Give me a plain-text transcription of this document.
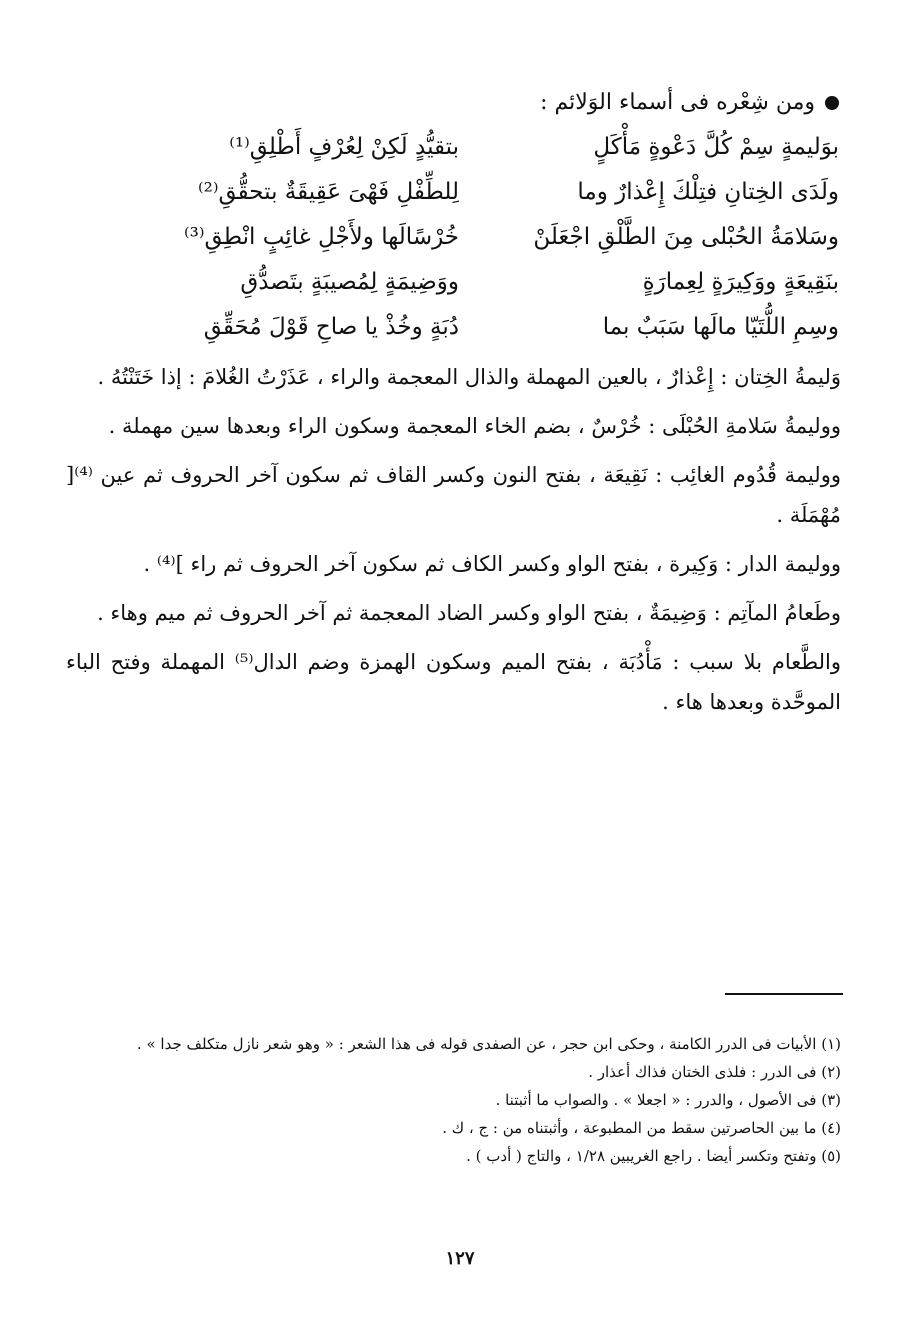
ومن شِعْره فى أسماء الوَلائم :
بوَليمةٍ سِمْ كُلَّ دَعْوةٍ مَأْكَلٍ
بتقيُّدٍ لَكِنْ لِعُرْفٍ أَطْلِقِ⁽¹⁾
ولَدَى الخِتانِ فتِلْكَ إِعْذارٌ وما
لِلطِّفْلِ فَهْىَ عَقِيقَةٌ بتحقُّقِ⁽²⁾
وسَلامَةُ الحُبْلى مِنَ الطَّلْقِ اجْعَلَنْ
خُرْسًالَها ولأَجْلِ غائِبٍ انْطِقِ⁽³⁾
بنَقِيعَةٍ ووَكِيرَةٍ لِعِمارَةٍ
ووَضِيمَةٍ لِمُصيبَةٍ بتَصدُّقِ
وسِمِ اللُّتَيّا مالَها سَبَبٌ بما
دُبَةٍ وخُذْ يا صاحِ قَوْلَ مُحَقِّقِ

وَليمةُ الخِتان : إِعْذارٌ ، بالعين المهملة والذال المعجمة والراء ، عَذَرْتُ الغُلامَ : إذا خَتَنْتُهُ .

ووليمةُ سَلامةِ الحُبْلَى : خُرْسٌ ، بضم الخاء المعجمة وسكون الراء وبعدها سين مهملة .

ووليمة قُدُوم الغائِب : نَقِيعَة ، بفتح النون وكسر القاف ثم سكون آخر الحروف ثم عين ⁽⁴⁾[ مُهْمَلَة .

ووليمة الدار : وَكِيرة ، بفتح الواو وكسر الكاف ثم سكون آخر الحروف ثم راء ]⁽⁴⁾ .

وطَعامُ المآتِم : وَضِيمَةٌ ، بفتح الواو وكسر الضاد المعجمة ثم آخر الحروف ثم ميم وهاء .

والطَّعام بلا سبب : مَأْدُبَة ، بفتح الميم وسكون الهمزة وضم الدال⁽⁵⁾ المهملة وفتح الباء الموحَّدة وبعدها هاء .

(١) الأبيات فى الدرر الكامنة ، وحكى ابن حجر ، عن الصفدى قوله فى هذا الشعر : « وهو شعر نازل متكلف جدا » .

(٢) فى الدرر : فلذى الختان فذاك أعذار .

(٣) فى الأصول ، والدرر : « اجعلا » . والصواب ما أثبتنا .

(٤) ما بين الحاصرتين سقط من المطبوعة ، وأثبتناه من : ج ، ك .

(٥) وتفتح وتكسر أيضا . راجع الغريبين ١/٢٨ ، والتاج ( أدب ) .

١٢٧
